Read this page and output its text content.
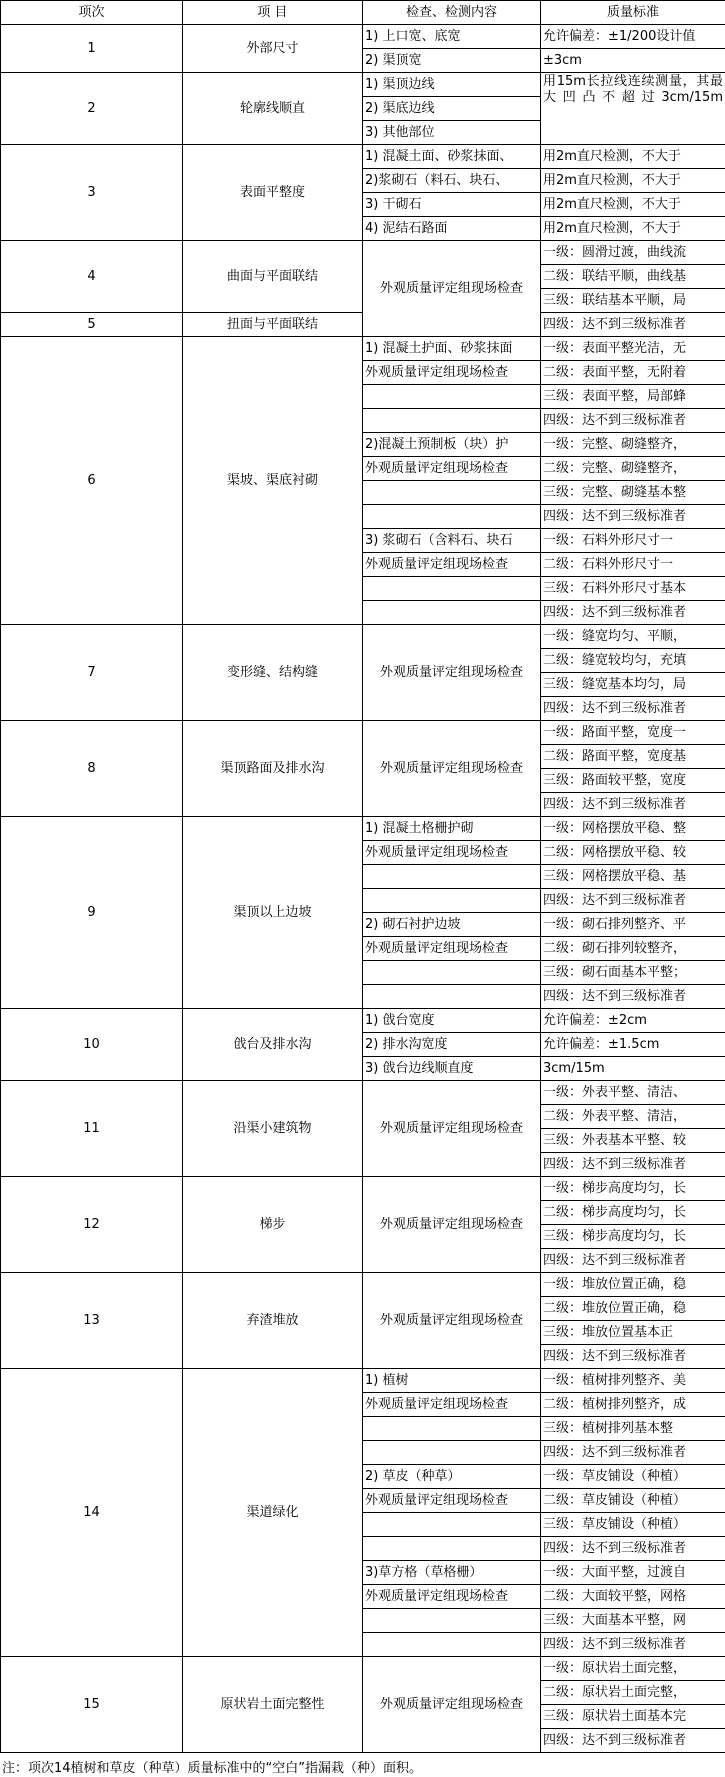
项次	项 目	检查、检测内容	质量标准
1	外部尺寸	1) 上口宽、底宽	允许偏差：±1/200设计值
		2) 渠顶宽	±3cm
2	轮廓线顺直	1) 渠顶边线	用15m长拉线连续测量，其最大凹凸不超过3cm/15m
		2) 渠底边线	
		3) 其他部位	
3	表面平整度	1) 混凝土面、砂浆抹面、	用2m直尺检测，不大于
		2)浆砌石（料石、块石、	用2m直尺检测，不大于
		3) 干砌石	用2m直尺检测，不大于
		4) 泥结石路面	用2m直尺检测，不大于
4	曲面与平面联结	外观质量评定组现场检查	一级：圆滑过渡，曲线流
			二级：联结平顺，曲线基
			三级：联结基本平顺，局
5	扭面与平面联结		四级：达不到三级标准者
6	渠坡、渠底衬砌	1) 混凝土护面、砂浆抹面	一级：表面平整光洁，无
		外观质量评定组现场检查	二级：表面平整，无附着
			三级：表面平整，局部蜂
			四级：达不到三级标准者
		2)混凝土预制板（块）护	一级：完整、砌缝整齐，
		外观质量评定组现场检查	二级：完整、砌缝整齐，
			三级：完整、砌缝基本整
			四级：达不到三级标准者
		3) 浆砌石（含料石、块石	一级：石料外形尺寸一
		外观质量评定组现场检查	二级：石料外形尺寸一
			三级：石料外形尺寸基本
			四级：达不到三级标准者
7	变形缝、结构缝	外观质量评定组现场检查	一级：缝宽均匀、平顺，
			二级：缝宽较均匀，充填
			三级：缝宽基本均匀，局
			四级：达不到三级标准者
8	渠顶路面及排水沟	外观质量评定组现场检查	一级：路面平整，宽度一
			二级：路面平整，宽度基
			三级：路面较平整，宽度
			四级：达不到三级标准者
9	渠顶以上边坡	1) 混凝土格栅护砌	一级：网格摆放平稳、整
		外观质量评定组现场检查	二级：网格摆放平稳、较
			三级：网格摆放平稳、基
			四级：达不到三级标准者
		2) 砌石衬护边坡	一级：砌石排列整齐、平
		外观质量评定组现场检查	二级：砌石排列较整齐，
			三级：砌石面基本平整；
			四级：达不到三级标准者
10	戗台及排水沟	1) 戗台宽度	允许偏差：±2cm
		2) 排水沟宽度	允许偏差：±1.5cm
		3) 戗台边线顺直度	3cm/15m
11	沿渠小建筑物	外观质量评定组现场检查	一级：外表平整、清洁、
			二级：外表平整、清洁，
			三级：外表基本平整、较
			四级：达不到三级标准者
12	梯步	外观质量评定组现场检查	一级：梯步高度均匀，长
			二级：梯步高度均匀，长
			三级：梯步高度均匀，长
			四级：达不到三级标准者
13	弃渣堆放	外观质量评定组现场检查	一级：堆放位置正确，稳
			二级：堆放位置正确，稳
			三级：堆放位置基本正
			四级：达不到三级标准者
14	渠道绿化	1) 植树	一级：植树排列整齐、美
		外观质量评定组现场检查	二级：植树排列整齐，成
			三级：植树排列基本整
			四级：达不到三级标准者
		2) 草皮（种草）	一级：草皮铺设（种植）
		外观质量评定组现场检查	二级：草皮铺设（种植）
			三级：草皮铺设（种植）
			四级：达不到三级标准者
		3)草方格（草格栅）	一级：大面平整，过渡自
		外观质量评定组现场检查	二级：大面较平整，网格
			三级：大面基本平整，网
			四级：达不到三级标准者
15	原状岩土面完整性	外观质量评定组现场检查	一级：原状岩土面完整，
			二级：原状岩土面完整，
			三级：原状岩土面基本完
			四级：达不到三级标准者
注：项次14植树和草皮（种草）质量标准中的“空白”指漏栽（种）面积。
